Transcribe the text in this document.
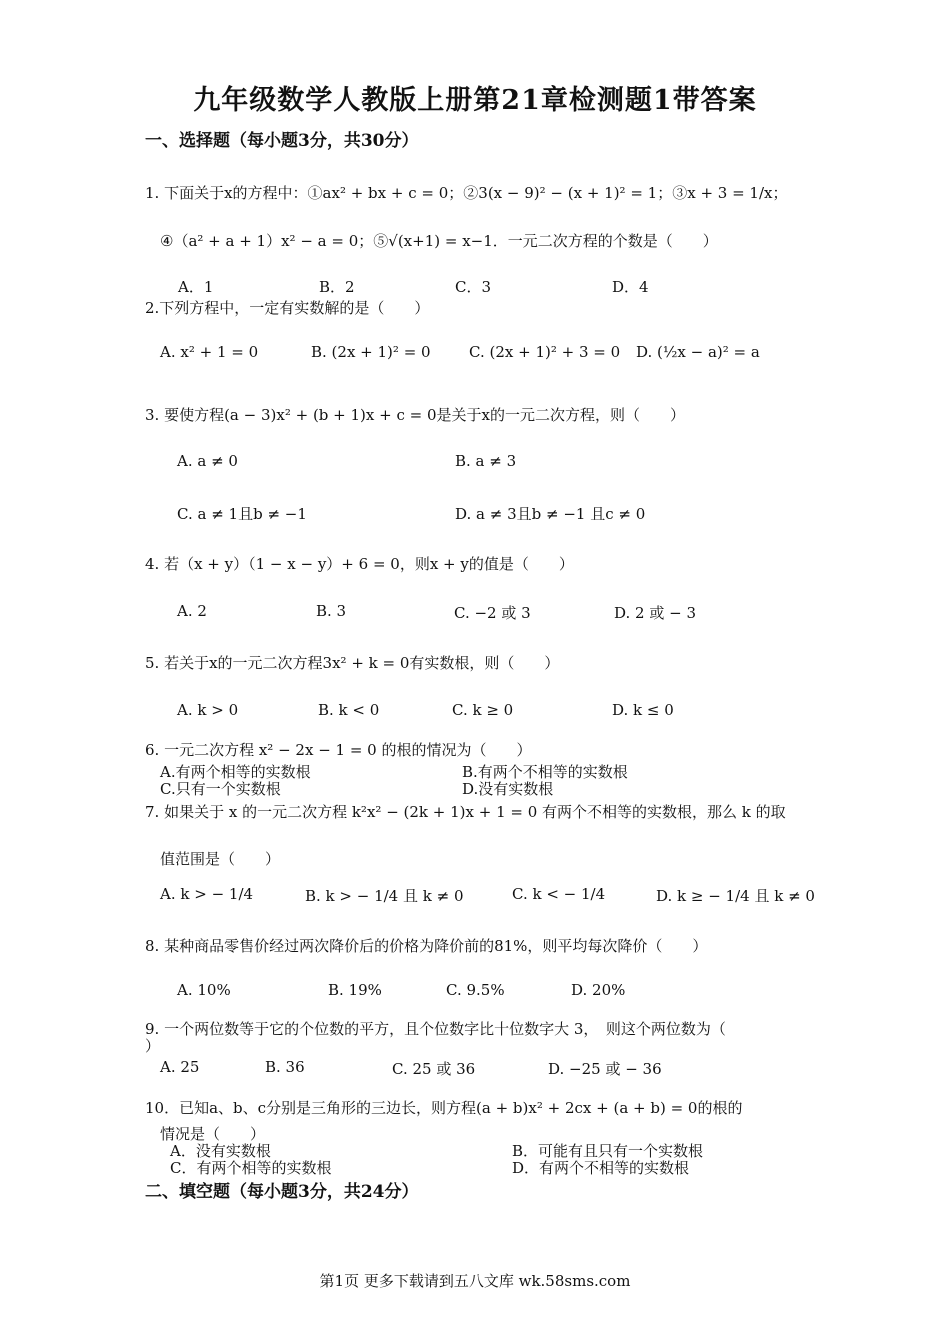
九年级数学人教版上册第21章检测题1带答案
一、选择题（每小题3分，共30分）
1. 下面关于x的方程中：①ax² + bx + c = 0；②3(x − 9)² − (x + 1)² = 1；③x + 3 = 1/x；
④（a² + a + 1）x² − a = 0；⑤√(x+1) = x−1．一元二次方程的个数是（　　）
A．1	B．2	C．3	D．4
2.下列方程中，一定有实数解的是（　　）
A. x² + 1 = 0	B. (2x + 1)² = 0	C. (2x + 1)² + 3 = 0 D. (½x − a)² = a
3. 要使方程(a − 3)x² + (b + 1)x + c = 0是关于x的一元二次方程，则（　　）
A. a ≠ 0	B. a ≠ 3
C. a ≠ 1且b ≠ −1	D. a ≠ 3且b ≠ −1 且c ≠ 0
4. 若（x + y）（1 − x − y）+ 6 = 0，则x + y的值是（　　）
A. 2	B. 3	C. −2 或 3	D. 2 或 − 3
5. 若关于x的一元二次方程3x² + k = 0有实数根，则（　　）
A. k > 0	B. k < 0	C. k ≥ 0	D. k ≤ 0
6. 一元二次方程 x² − 2x − 1 = 0 的根的情况为（　　）
A.有两个相等的实数根	B.有两个不相等的实数根
C.只有一个实数根	D.没有实数根
7. 如果关于 x 的一元二次方程 k²x² − (2k + 1)x + 1 = 0 有两个不相等的实数根，那么 k 的取
值范围是（　　）
A. k > − 1/4	B. k > − 1/4 且 k ≠ 0	C. k < − 1/4	D. k ≥ − 1/4 且 k ≠ 0
8. 某种商品零售价经过两次降价后的价格为降价前的81%，则平均每次降价（　　）
A. 10%	B. 19%	C. 9.5%	D. 20%
9. 一个两位数等于它的个位数的平方，且个位数字比十位数字大 3，　则这个两位数为（
）
A. 25	B. 36	C. 25 或 36	D. −25 或 − 36
10．已知a、b、c分别是三角形的三边长，则方程(a + b)x² + 2cx + (a + b) = 0的根的
情况是（　　）
A．没有实数根	B．可能有且只有一个实数根
C．有两个相等的实数根	D．有两个不相等的实数根
二、填空题（每小题3分，共24分）
第1页 更多下载请到五八文库 wk.58sms.com
